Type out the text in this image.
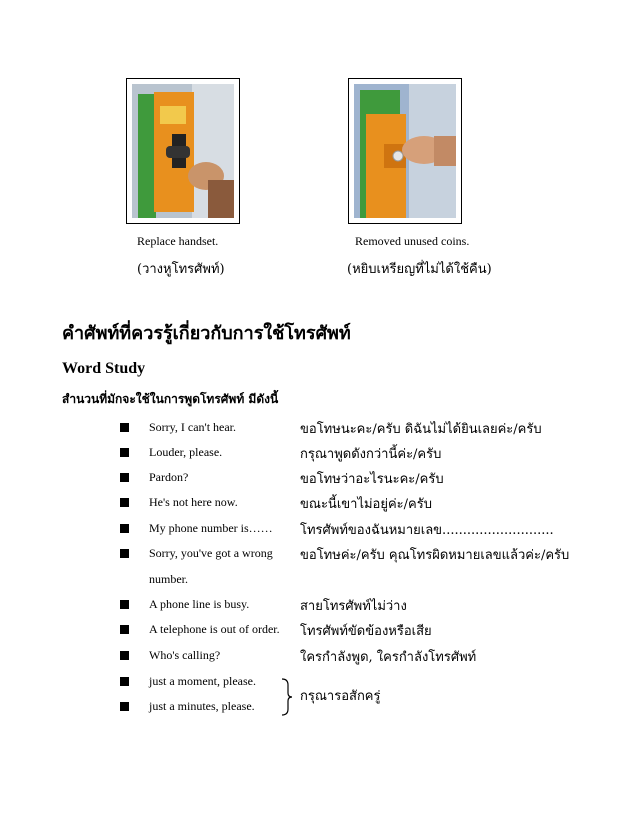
Replace handset.
(วางหูโทรศัพท์)
Removed unused coins.
(หยิบเหรียญที่ไม่ได้ใช้คืน)
คำศัพท์ที่ควรรู้เกี่ยวกับการใช้โทรศัพท์
Word Study
สำนวนที่มักจะใช้ในการพูดโทรศัพท์ มีดังนี้
Sorry, I can't hear.	ขอโทษนะคะ/ครับ ดิฉันไม่ได้ยินเลยค่ะ/ครับ
Louder, please.	กรุณาพูดดังกว่านี้ค่ะ/ครับ
Pardon?	ขอโทษว่าอะไรนะคะ/ครับ
He's not here now.	ขณะนี้เขาไม่อยู่ค่ะ/ครับ
My phone number is…… โทรศัพท์ของฉันหมายเลข...........................
Sorry, you've got a wrong ขอโทษค่ะ/ครับ คุณโทรผิดหมายเลขแล้วค่ะ/ครับ
number.
A phone line is busy.	สายโทรศัพท์ไม่ว่าง
A telephone is out of order. โทรศัพท์ขัดข้องหรือเสีย
Who's calling?	ใครกำลังพูด, ใครกำลังโทรศัพท์
just a moment, please.
just a minutes, please.
กรุณารอสักครู่
